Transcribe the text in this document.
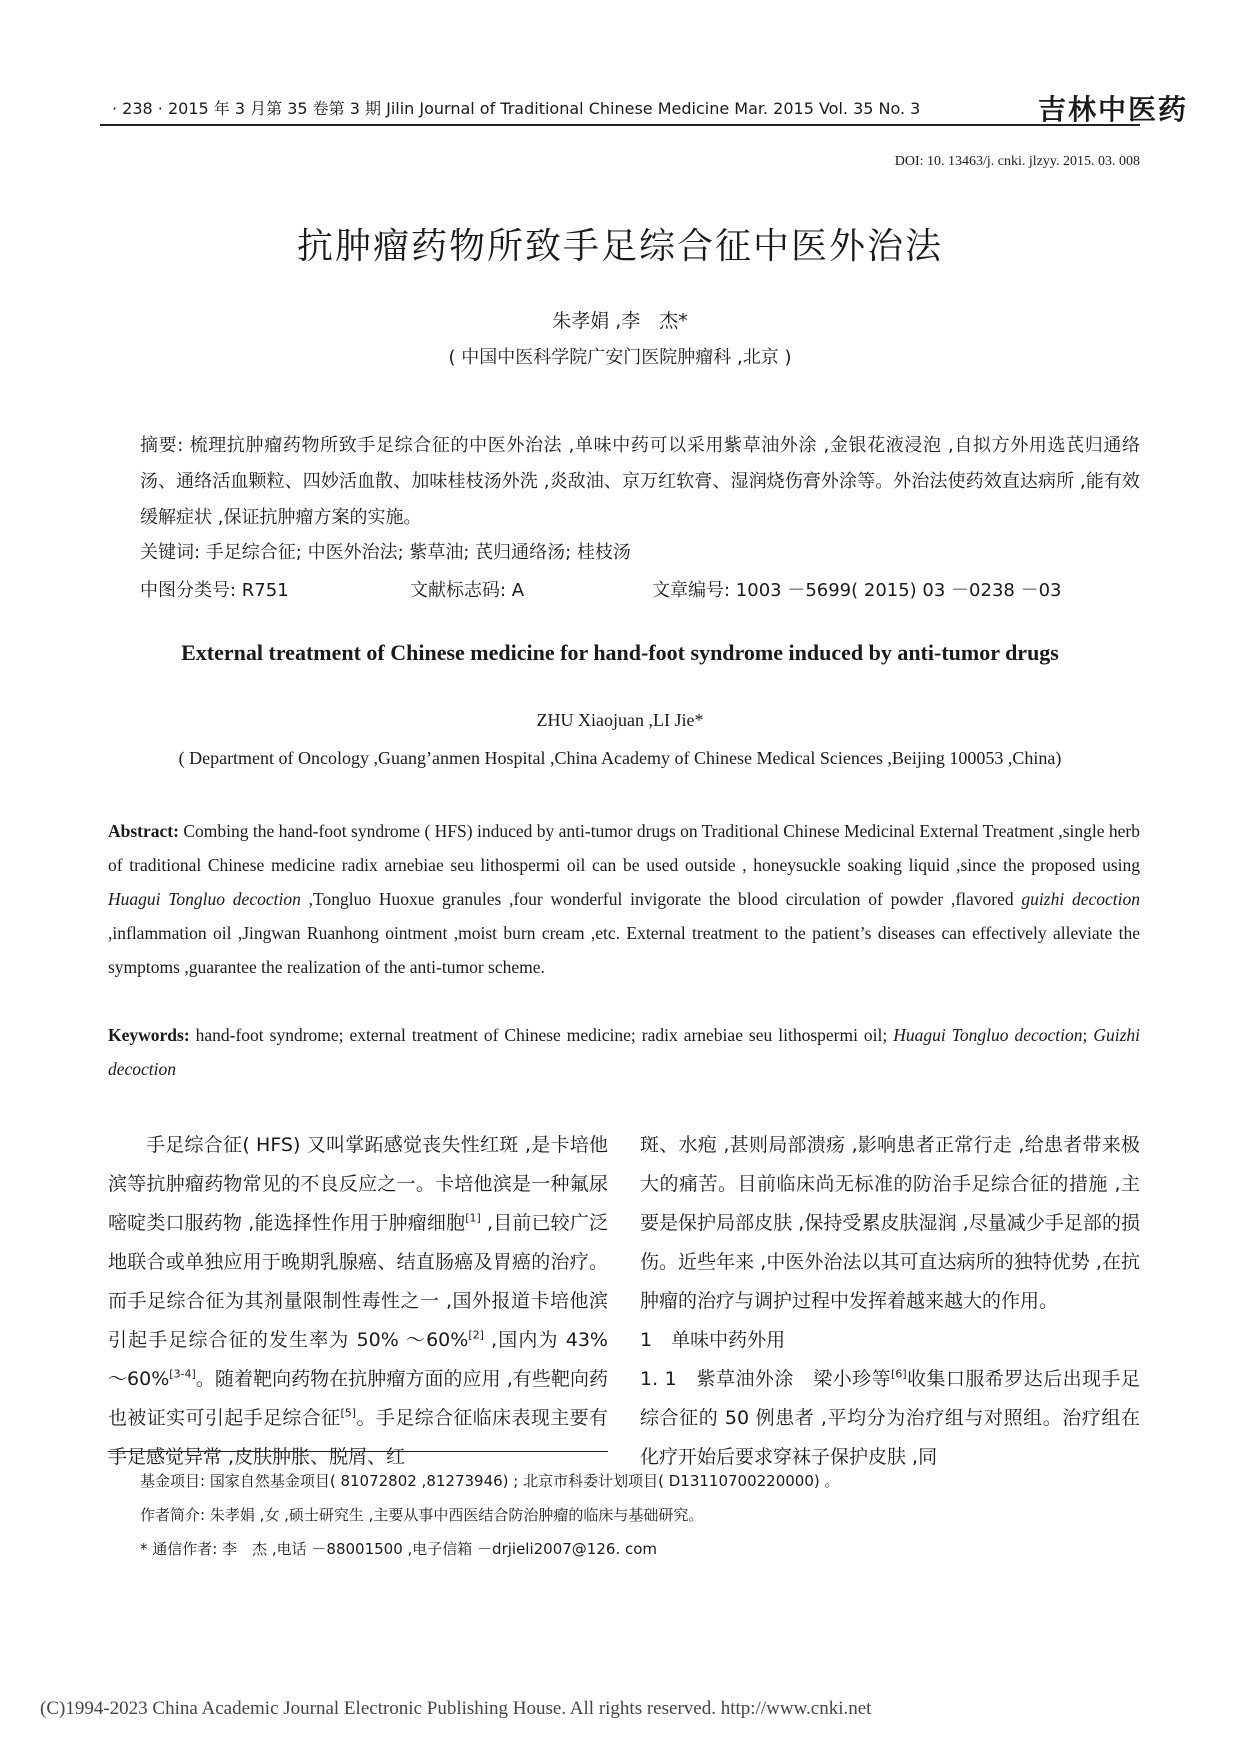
· 238 · 2015 年 3 月第 35 卷第 3 期 Jilin Journal of Traditional Chinese Medicine Mar. 2015 Vol. 35 No. 3	吉林中医药
DOI: 10. 13463/j. cnki. jlzyy. 2015. 03. 008
抗肿瘤药物所致手足综合征中医外治法
朱孝娟 ,李　杰*
( 中国中医科学院广安门医院肿瘤科 ,北京 )
摘要: 梳理抗肿瘤药物所致手足综合征的中医外治法 ,单味中药可以采用紫草油外涂 ,金银花液浸泡 ,自拟方外用选芪归通络汤、通络活血颗粒、四妙活血散、加味桂枝汤外洗 ,炎敌油、京万红软膏、湿润烧伤膏外涂等。外治法使药效直达病所 ,能有效缓解症状 ,保证抗肿瘤方案的实施。
关键词: 手足综合征; 中医外治法; 紫草油; 芪归通络汤; 桂枝汤
中图分类号: R751	文献标志码: A	文章编号: 1003 －5699( 2015) 03 －0238 －03
External treatment of Chinese medicine for hand-foot syndrome induced by anti-tumor drugs
ZHU Xiaojuan ,LI Jie*
( Department of Oncology ,Guang’anmen Hospital ,China Academy of Chinese Medical Sciences ,Beijing 100053 ,China)
Abstract: Combing the hand-foot syndrome ( HFS) induced by anti-tumor drugs on Traditional Chinese Medicinal External Treatment ,single herb of traditional Chinese medicine radix arnebiae seu lithospermi oil can be used outside , honeysuckle soaking liquid ,since the proposed using Huagui Tongluo decoction ,Tongluo Huoxue granules ,four wonderful invigorate the blood circulation of powder ,flavored guizhi decoction ,inflammation oil ,Jingwan Ruanhong ointment ,moist burn cream ,etc. External treatment to the patient’s diseases can effectively alleviate the symptoms ,guarantee the realization of the anti-tumor scheme.
Keywords: hand-foot syndrome; external treatment of Chinese medicine; radix arnebiae seu lithospermi oil; Huagui Tongluo decoction; Guizhi decoction

手足综合征( HFS) 又叫掌跖感觉丧失性红斑 ,是卡培他滨等抗肿瘤药物常见的不良反应之一。卡培他滨是一种氟尿嘧啶类口服药物 ,能选择性作用于肿瘤细胞[1] ,目前已较广泛地联合或单独应用于晚期乳腺癌、结直肠癌及胃癌的治疗。而手足综合征为其剂量限制性毒性之一 ,国外报道卡培他滨引起手足综合征的发生率为 50% ～60%[2] ,国内为 43% ～60%[3-4]。随着靶向药物在抗肿瘤方面的应用 ,有些靶向药也被证实可引起手足综合征[5]。手足综合征临床表现主要有手足感觉异常 ,皮肤肿胀、脱屑、红

斑、水疱 ,甚则局部溃疡 ,影响患者正常行走 ,给患者带来极大的痛苦。目前临床尚无标准的防治手足综合征的措施 ,主要是保护局部皮肤 ,保持受累皮肤湿润 ,尽量减少手足部的损伤。近些年来 ,中医外治法以其可直达病所的独特优势 ,在抗肿瘤的治疗与调护过程中发挥着越来越大的作用。

1　单味中药外用

1. 1　紫草油外涂　梁小珍等[6]收集口服希罗达后出现手足综合征的 50 例患者 ,平均分为治疗组与对照组。治疗组在化疗开始后要求穿袜子保护皮肤 ,同

基金项目: 国家自然基金项目( 81072802 ,81273946) ; 北京市科委计划项目( D131107002200​00) 。
作者简介: 朱孝娟 ,女 ,硕士研究生 ,主要从事中西医结合防治肿瘤的临床与基础研究。
* 通信作者: 李　杰 ,电话 －88001500 ,电子信箱 －drjieli2007@126. com
(C)1994-2023 China Academic Journal Electronic Publishing House. All rights reserved. http://www.cnki.net
